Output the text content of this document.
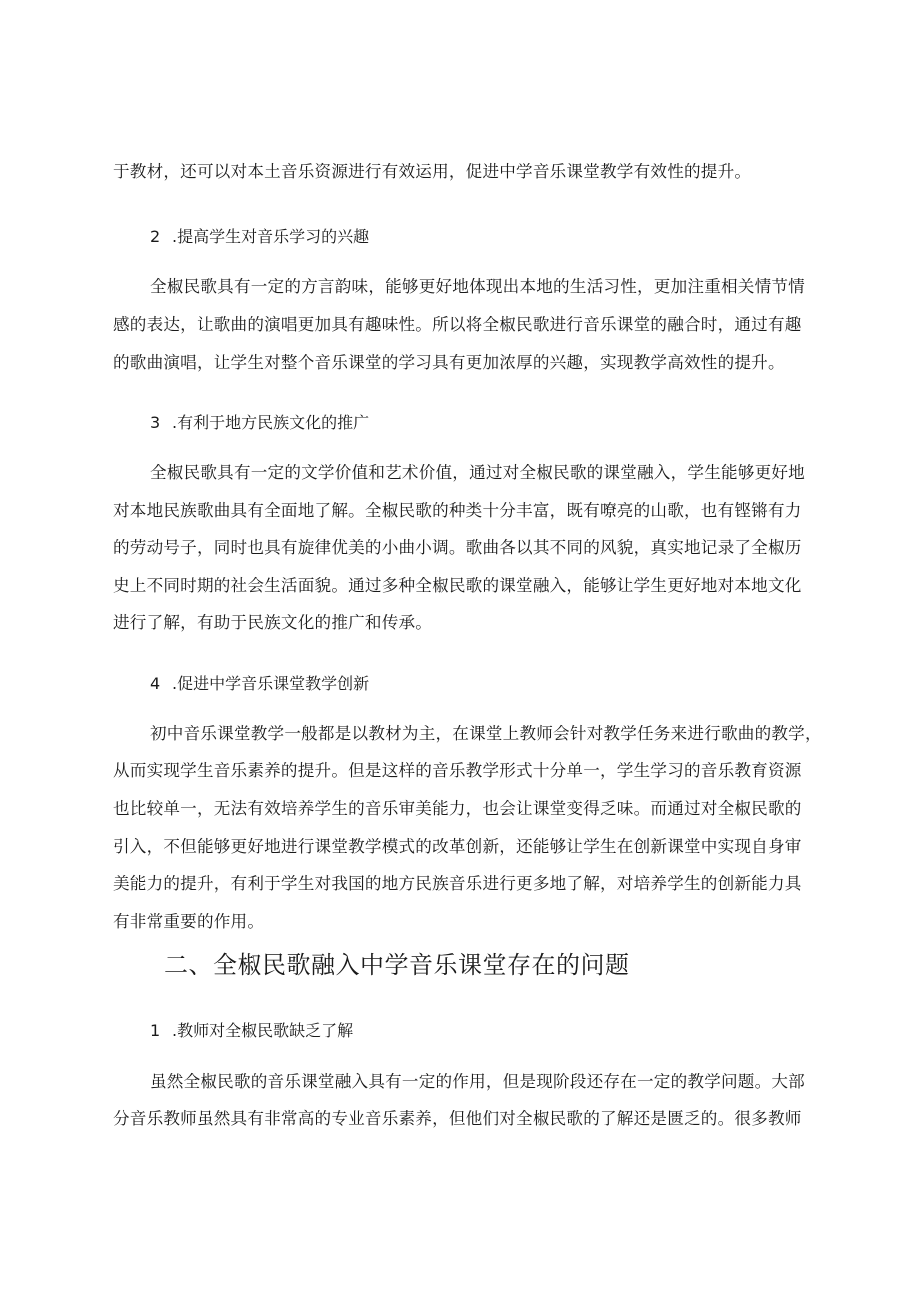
于教材，还可以对本土音乐资源进行有效运用，促进中学音乐课堂教学有效性的提升。
2 .提高学生对音乐学习的兴趣
全椒民歌具有一定的方言韵味，能够更好地体现出本地的生活习性，更加注重相关情节情
感的表达，让歌曲的演唱更加具有趣味性。所以将全椒民歌进行音乐课堂的融合时，通过有趣
的歌曲演唱，让学生对整个音乐课堂的学习具有更加浓厚的兴趣，实现教学高效性的提升。
3 .有利于地方民族文化的推广
全椒民歌具有一定的文学价值和艺术价值，通过对全椒民歌的课堂融入，学生能够更好地
对本地民族歌曲具有全面地了解。全椒民歌的种类十分丰富，既有嘹亮的山歌，也有铿锵有力
的劳动号子，同时也具有旋律优美的小曲小调。歌曲各以其不同的风貌，真实地记录了全椒历
史上不同时期的社会生活面貌。通过多种全椒民歌的课堂融入，能够让学生更好地对本地文化
进行了解，有助于民族文化的推广和传承。
4 .促进中学音乐课堂教学创新
初中音乐课堂教学一般都是以教材为主，在课堂上教师会针对教学任务来进行歌曲的教学，
从而实现学生音乐素养的提升。但是这样的音乐教学形式十分单一，学生学习的音乐教育资源
也比较单一，无法有效培养学生的音乐审美能力，也会让课堂变得乏味。而通过对全椒民歌的
引入，不但能够更好地进行课堂教学模式的改革创新，还能够让学生在创新课堂中实现自身审
美能力的提升，有利于学生对我国的地方民族音乐进行更多地了解，对培养学生的创新能力具
有非常重要的作用。
二、全椒民歌融入中学音乐课堂存在的问题
1 .教师对全椒民歌缺乏了解
虽然全椒民歌的音乐课堂融入具有一定的作用，但是现阶段还存在一定的教学问题。大部
分音乐教师虽然具有非常高的专业音乐素养，但他们对全椒民歌的了解还是匮乏的。很多教师
